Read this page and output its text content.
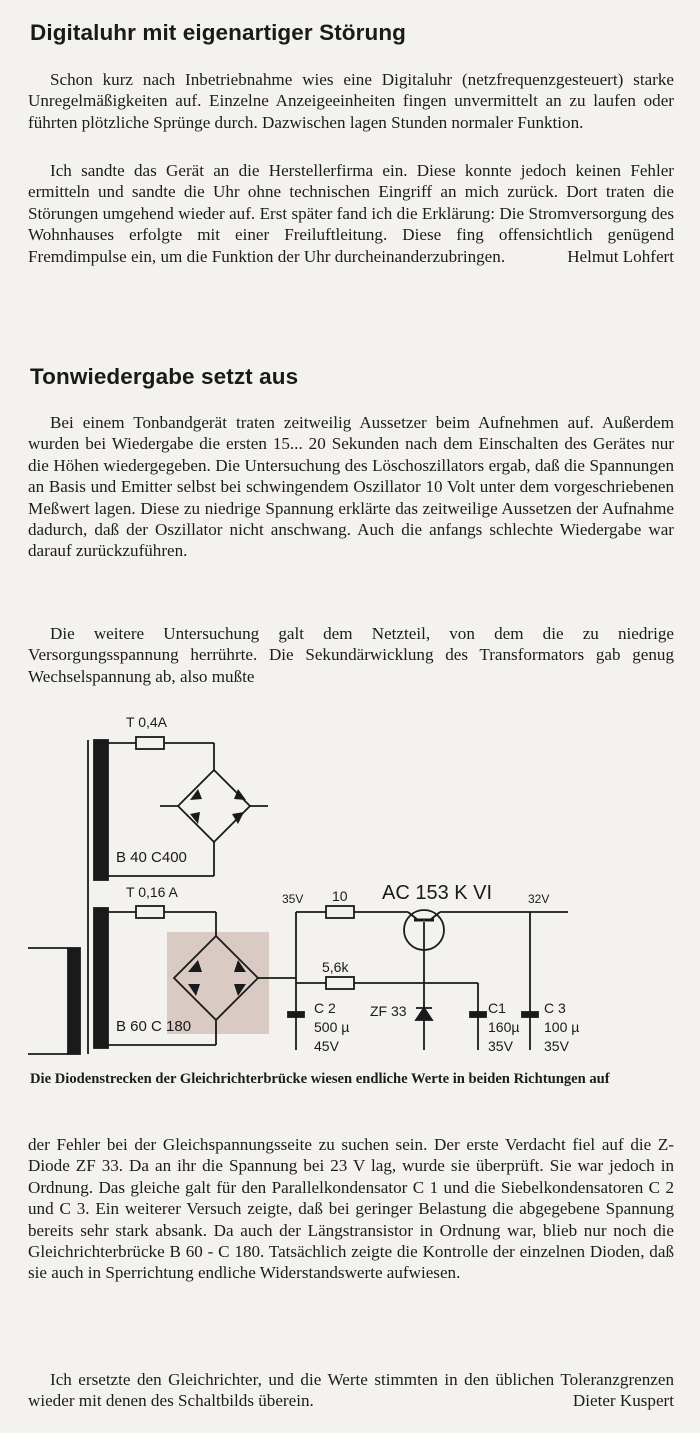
Digitaluhr mit eigenartiger Störung

Schon kurz nach Inbetriebnahme wies eine Digitaluhr (netzfrequenzgesteuert) starke Unregelmäßigkeiten auf. Einzelne Anzeigeeinheiten fingen unvermittelt an zu laufen oder führten plötzliche Sprünge durch. Dazwischen lagen Stunden normaler Funktion.

Ich sandte das Gerät an die Herstellerfirma ein. Diese konnte jedoch keinen Fehler ermitteln und sandte die Uhr ohne technischen Eingriff an mich zurück. Dort traten die Störungen umgehend wieder auf. Erst später fand ich die Erklärung: Die Stromversorgung des Wohnhauses erfolgte mit einer Freiluftleitung. Diese fing offensichtlich genügend Fremdimpulse ein, um die Funktion der Uhr durcheinanderzubringen.	Helmut Lohfert

Tonwiedergabe setzt aus

Bei einem Tonbandgerät traten zeitweilig Aussetzer beim Aufnehmen auf. Außerdem wurden bei Wiedergabe die ersten 15... 20 Sekunden nach dem Einschalten des Gerätes nur die Höhen wiedergegeben. Die Untersuchung des Löschoszillators ergab, daß die Spannungen an Basis und Emitter selbst bei schwingendem Oszillator 10 Volt unter dem vorgeschriebenen Meßwert lagen. Diese zu niedrige Spannung erklärte das zeitweilige Aussetzen der Aufnahme dadurch, daß der Oszillator nicht anschwang. Auch die anfangs schlechte Wiedergabe war darauf zurückzuführen.

Die weitere Untersuchung galt dem Netzteil, von dem die zu niedrige Versorgungsspannung herrührte. Die Sekundärwicklung des Transformators gab genug Wechselspannung ab, also mußte

T 0,4A
B 40 C400
T 0,16 A
B 60 C 180
35V 10 AC 153 K VI	32V
5,6k
C 2
500 µ
45V
ZF 33	C1
160µ
35V
C 3
100 µ
35V
Die Diodenstrecken der Gleichrichterbrücke wiesen endliche Werte in beiden Richtungen auf

der Fehler bei der Gleichspannungsseite zu suchen sein. Der erste Verdacht fiel auf die Z-Diode ZF 33. Da an ihr die Spannung bei 23 V lag, wurde sie überprüft. Sie war jedoch in Ordnung. Das gleiche galt für den Parallelkondensator C 1 und die Siebelkondensatoren C 2 und C 3. Ein weiterer Versuch zeigte, daß bei geringer Belastung die abgegebene Spannung bereits sehr stark absank. Da auch der Längstransistor in Ordnung war, blieb nur noch die Gleichrichterbrücke B 60 - C 180. Tatsächlich zeigte die Kontrolle der einzelnen Dioden, daß sie auch in Sperrichtung endliche Widerstandswerte aufwiesen.

Ich ersetzte den Gleichrichter, und die Werte stimmten in den üblichen Toleranzgrenzen wieder mit denen des Schaltbilds überein.	Dieter Kuspert
